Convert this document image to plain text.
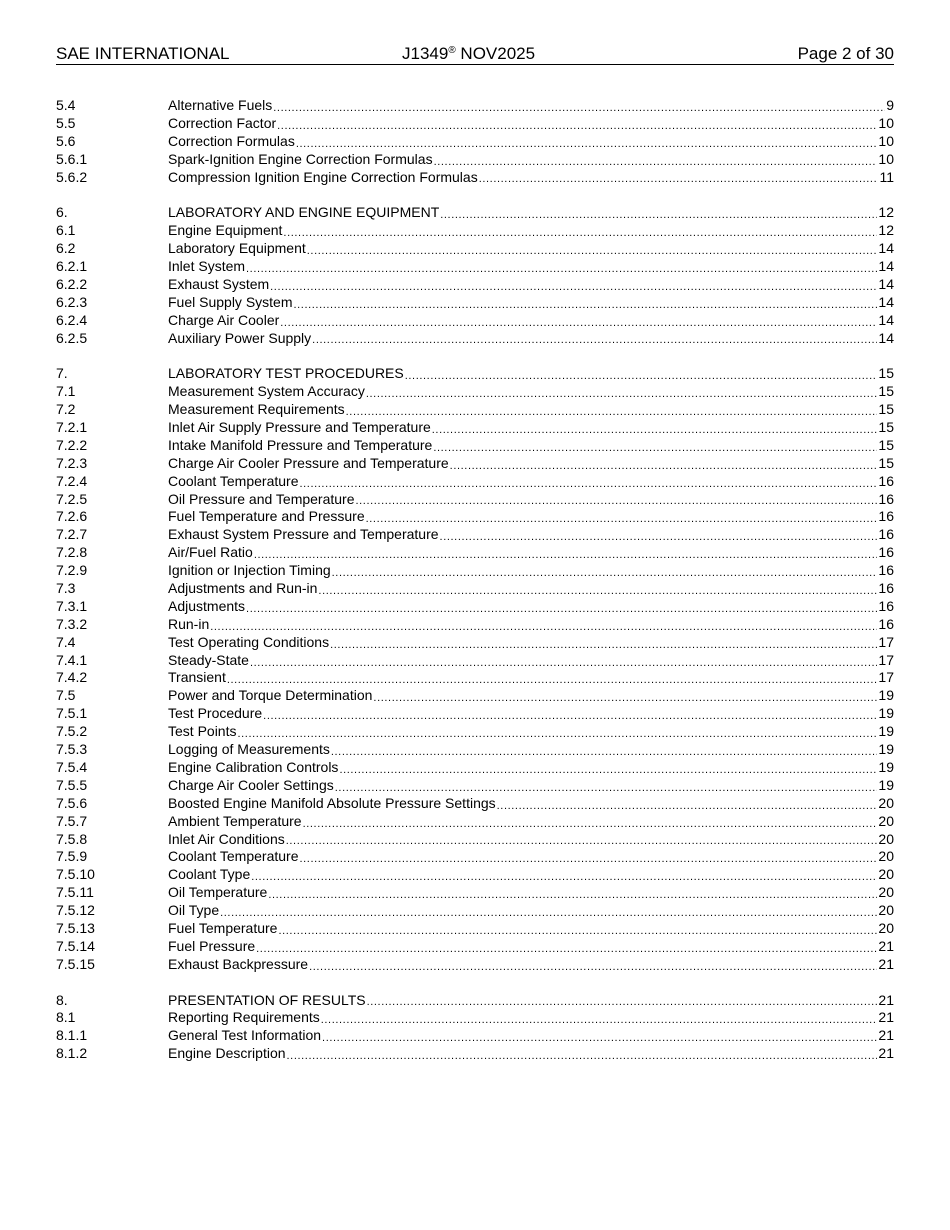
SAE INTERNATIONAL	J1349® NOV2025	Page 2 of 30
5.4	Alternative Fuels .....	9
5.5	Correction Factor .....	10
5.6	Correction Formulas .....	10
5.6.1	Spark-Ignition Engine Correction Formulas .....	10
5.6.2	Compression Ignition Engine Correction Formulas .....	11
6.	LABORATORY AND ENGINE EQUIPMENT .....	12
6.1	Engine Equipment .....	12
6.2	Laboratory Equipment .....	14
6.2.1	Inlet System .....	14
6.2.2	Exhaust System .....	14
6.2.3	Fuel Supply System .....	14
6.2.4	Charge Air Cooler .....	14
6.2.5	Auxiliary Power Supply .....	14
7.	LABORATORY TEST PROCEDURES .....	15
7.1	Measurement System Accuracy .....	15
7.2	Measurement Requirements .....	15
7.2.1	Inlet Air Supply Pressure and Temperature .....	15
7.2.2	Intake Manifold Pressure and Temperature .....	15
7.2.3	Charge Air Cooler Pressure and Temperature .....	15
7.2.4	Coolant Temperature .....	16
7.2.5	Oil Pressure and Temperature .....	16
7.2.6	Fuel Temperature and Pressure .....	16
7.2.7	Exhaust System Pressure and Temperature .....	16
7.2.8	Air/Fuel Ratio .....	16
7.2.9	Ignition or Injection Timing .....	16
7.3	Adjustments and Run-in .....	16
7.3.1	Adjustments .....	16
7.3.2	Run-in .....	16
7.4	Test Operating Conditions .....	17
7.4.1	Steady-State .....	17
7.4.2	Transient .....	17
7.5	Power and Torque Determination .....	19
7.5.1	Test Procedure .....	19
7.5.2	Test Points .....	19
7.5.3	Logging of Measurements .....	19
7.5.4	Engine Calibration Controls .....	19
7.5.5	Charge Air Cooler Settings .....	19
7.5.6	Boosted Engine Manifold Absolute Pressure Settings .....	20
7.5.7	Ambient Temperature .....	20
7.5.8	Inlet Air Conditions .....	20
7.5.9	Coolant Temperature .....	20
7.5.10	Coolant Type .....	20
7.5.11	Oil Temperature .....	20
7.5.12	Oil Type .....	20
7.5.13	Fuel Temperature .....	20
7.5.14	Fuel Pressure .....	21
7.5.15	Exhaust Backpressure .....	21
8.	PRESENTATION OF RESULTS .....	21
8.1	Reporting Requirements .....	21
8.1.1	General Test Information .....	21
8.1.2	Engine Description .....	21
